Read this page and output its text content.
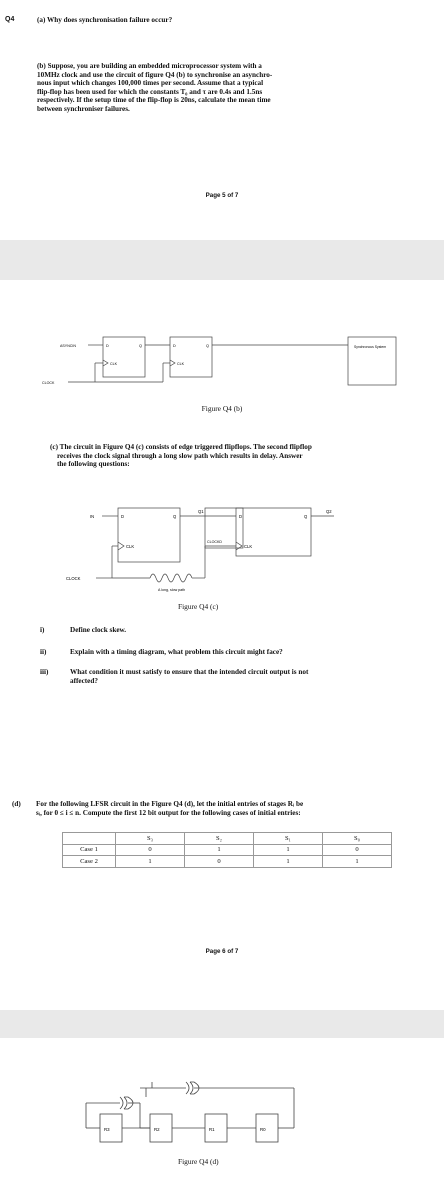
Q4	(a) Why does synchronisation failure occur?
(b) Suppose, you are building an embedded microprocessor system with a
10MHz clock and use the circuit of figure Q4 (b) to synchronise an asynchro-
nous input which changes 100,000 times per second. Assume that a typical
flip-flop has been used for which the constants T₀ and τ are 0.4s and 1.5ns
respectively. If the setup time of the flip-flop is 20ns, calculate the mean time
between synchroniser failures.
Page 5 of 7
ASYNCIN
CLOCK
D	Q
CLK
D	Q
CLK
Synchronous System
IN
CLOCK
D	Q
Q1
CLK
CLOCKD
D	Q
Q2
CLK
A long, slow path
R3	R2	R1	R0
Figure Q4 (b)
(c) The circuit in Figure Q4 (c) consists of edge triggered flipflops. The second flipflop
receives the clock signal through a long slow path which results in delay. Answer
the following questions:
Figure Q4 (c)
i)	Define clock skew.
ii)	Explain with a timing diagram, what problem this circuit might face?
iii)	What condition it must satisfy to ensure that the intended circuit output is not
affected?
(d) For the following LFSR circuit in the Figure Q4 (d), let the initial entries of stages Rᵢ be
sᵢ, for 0 ≤ i ≤ n. Compute the first 12 bit output for the following cases of initial entries:
	S₃	S₂	S₁	S₀
Case 1	0	1	1	0
Case 2	1	0	1	1
Page 6 of 7
Figure Q4 (d)
